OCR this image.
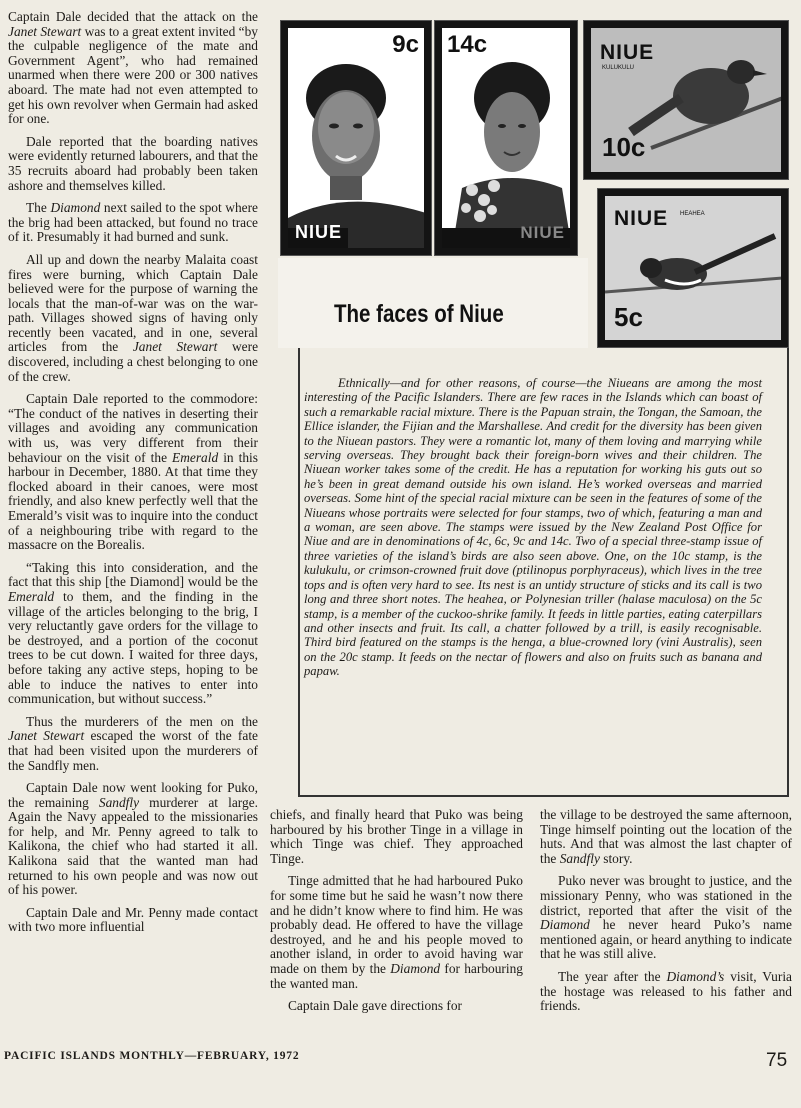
Captain Dale decided that the attack on the Janet Stewart was to a great extent invited “by the culpable negligence of the mate and Government Agent”, who had remained unarmed when there were 200 or 300 natives aboard. The mate had not even attempted to get his own revolver when Germain had asked for one.

Dale reported that the boarding natives were evidently returned labourers, and that the 35 recruits aboard had probably been taken ashore and themselves killed.

The Diamond next sailed to the spot where the brig had been attacked, but found no trace of it. Presumably it had burned and sunk.

All up and down the nearby Malaita coast fires were burning, which Captain Dale believed were for the purpose of warning the locals that the man-of-war was on the war-path. Villages showed signs of having only recently been vacated, and in one, several articles from the Janet Stewart were discovered, including a chest belonging to one of the crew.

Captain Dale reported to the commodore: “The conduct of the natives in deserting their villages and avoiding any communication with us, was very different from their behaviour on the visit of the Emerald in this harbour in December, 1880. At that time they flocked aboard in their canoes, were most friendly, and also knew perfectly well that the Emerald’s visit was to inquire into the conduct of a neighbouring tribe with regard to the massacre on the Borealis.

“Taking this into consideration, and the fact that this ship [the Diamond] would be the Emerald to them, and the finding in the village of the articles belonging to the brig, I very reluctantly gave orders for the village to be destroyed, and a portion of the coconut trees to be cut down. I waited for three days, before taking any active steps, hoping to be able to induce the natives to enter into communication, but without success.”

Thus the murderers of the men on the Janet Stewart escaped the worst of the fate that had been visited upon the murderers of the Sandfly men.

Captain Dale now went looking for Puko, the remaining Sandfly murderer at large. Again the Navy appealed to the missionaries for help, and Mr. Penny agreed to talk to Kalikona, the chief who had started it all. Kalikona said that the wanted man had returned to his own people and was now out of his power.

Captain Dale and Mr. Penny made contact with two more influential

chiefs, and finally heard that Puko was being harboured by his brother Tinge in a village in which Tinge was chief. They approached Tinge.

Tinge admitted that he had harboured Puko for some time but he said he wasn’t now there and he didn’t know where to find him. He was probably dead. He offered to have the village destroyed, and he and his people moved to another island, in order to avoid having war made on them by the Diamond for harbouring the wanted man.

Captain Dale gave directions for

the village to be destroyed the same afternoon, Tinge himself pointing out the location of the huts. And that was almost the last chapter of the Sandfly story.

Puko never was brought to justice, and the missionary Penny, who was stationed in the district, reported that after the visit of the Diamond he never heard Puko’s name mentioned again, or heard anything to indicate that he was still alive.

The year after the Diamond’s visit, Vuria the hostage was released to his father and friends.

9c
NIUE
14c
NIUE
NIUE
KULUKULU
10c
NIUE HEAHEA
5c
The faces of Niue

Ethnically—and for other reasons, of course—the Niueans are among the most interesting of the Pacific Islanders. There are few races in the Islands which can boast of such a remarkable racial mixture. There is the Papuan strain, the Tongan, the Samoan, the Ellice islander, the Fijian and the Marshallese. And credit for the diversity has been given to the Niuean pastors. They were a romantic lot, many of them loving and marrying while serving overseas. They brought back their foreign-born wives and their children. The Niuean worker takes some of the credit. He has a reputation for working his guts out so he’s been in great demand outside his own island. He’s worked overseas and married overseas. Some hint of the special racial mixture can be seen in the features of some of the Niueans whose portraits were selected for four stamps, two of which, featuring a man and a woman, are seen above. The stamps were issued by the New Zealand Post Office for Niue and are in denominations of 4c, 6c, 9c and 14c. Two of a special three-stamp issue of three varieties of the island’s birds are also seen above. One, on the 10c stamp, is the kulukulu, or crimson-crowned fruit dove (ptilinopus porphyraceus), which lives in the tree tops and is often very hard to see. Its nest is an untidy structure of sticks and its call is two long and three short notes. The heahea, or Polynesian triller (halase maculosa) on the 5c stamp, is a member of the cuckoo-shrike family. It feeds in little parties, eating caterpillars and other insects and fruit. Its call, a chatter followed by a trill, is easily recognisable. Third bird featured on the stamps is the henga, a blue-crowned lory (vini Australis), seen on the 20c stamp. It feeds on the nectar of flowers and also on fruits such as banana and papaw.

PACIFIC ISLANDS MONTHLY—FEBRUARY, 1972	75
